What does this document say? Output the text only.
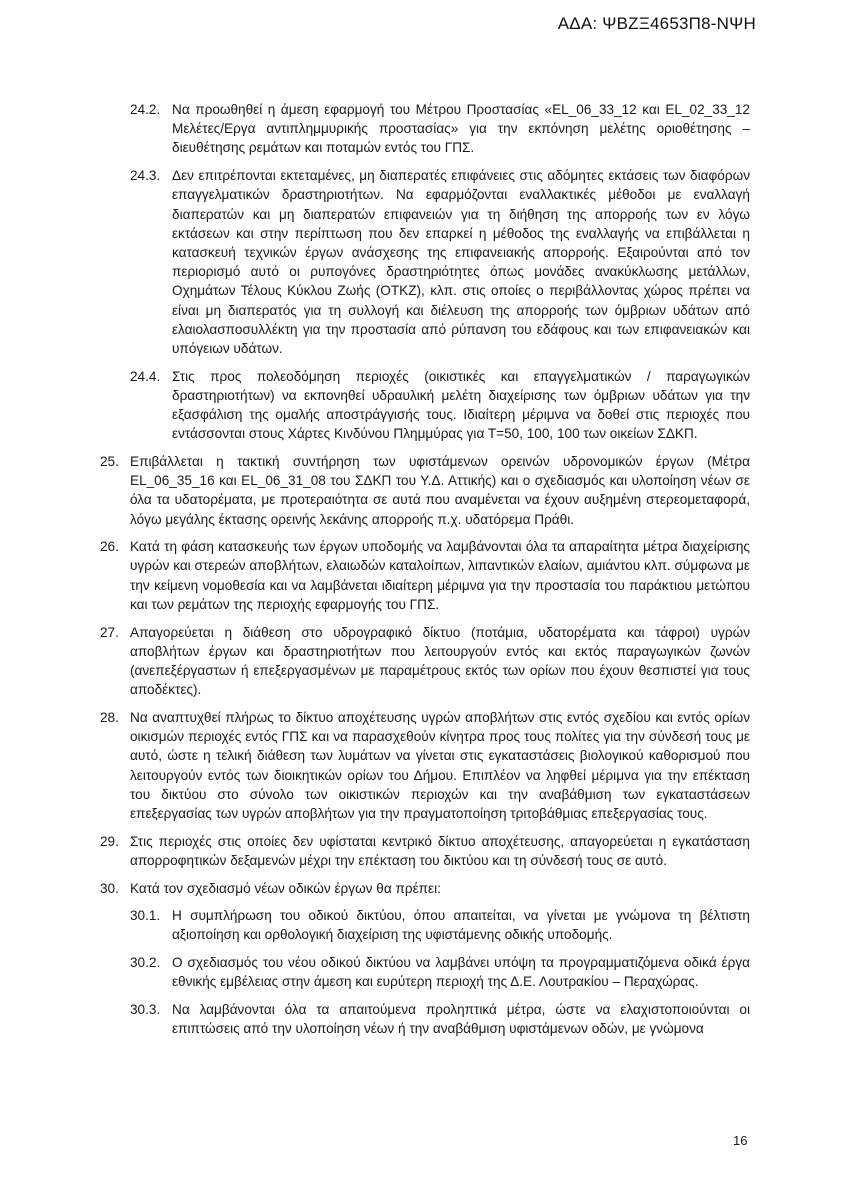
ΑΔΑ: ΨΒΖΞ4653Π8-ΝΨΗ
24.2. Να προωθηθεί η άμεση εφαρμογή του Μέτρου Προστασίας «EL_06_33_12 και EL_02_33_12 Μελέτες/Εργα αντιπλημμυρικής προστασίας» για την εκπόνηση μελέτης οριοθέτησης – διευθέτησης ρεμάτων και ποταμών εντός του ΓΠΣ.
24.3. Δεν επιτρέπονται εκτεταμένες, μη διαπερατές επιφάνειες στις αδόμητες εκτάσεις των διαφόρων επαγγελματικών δραστηριοτήτων. Να εφαρμόζονται εναλλακτικές μέθοδοι με εναλλαγή διαπερατών και μη διαπερατών επιφανειών για τη διήθηση της απορροής των εν λόγω εκτάσεων και στην περίπτωση που δεν επαρκεί η μέθοδος της εναλλαγής να επιβάλλεται η κατασκευή τεχνικών έργων ανάσχεσης της επιφανειακής απορροής. Εξαιρούνται από τον περιορισμό αυτό οι ρυπογόνες δραστηριότητες όπως μονάδες ανακύκλωσης μετάλλων, Οχημάτων Τέλους Κύκλου Ζωής (ΟΤΚΖ), κλπ. στις οποίες ο περιβάλλοντας χώρος πρέπει να είναι μη διαπερατός για τη συλλογή και διέλευση της απορροής των όμβριων υδάτων από ελαιολασποσυλλέκτη για την προστασία από ρύπανση του εδάφους και των επιφανειακών και υπόγειων υδάτων.
24.4. Στις προς πολεοδόμηση περιοχές (οικιστικές και επαγγελματικών / παραγωγικών δραστηριοτήτων) να εκπονηθεί υδραυλική μελέτη διαχείρισης των όμβριων υδάτων για την εξασφάλιση της ομαλής αποστράγγισής τους. Ιδιαίτερη μέριμνα να δοθεί στις περιοχές που εντάσσονται στους Χάρτες Κινδύνου Πλημμύρας για Τ=50, 100, 100 των οικείων ΣΔΚΠ.
25. Επιβάλλεται η τακτική συντήρηση των υφιστάμενων ορεινών υδρονομικών έργων (Μέτρα EL_06_35_16 και EL_06_31_08 του ΣΔΚΠ του Υ.Δ. Αττικής) και ο σχεδιασμός και υλοποίηση νέων σε όλα τα υδατορέματα, με προτεραιότητα σε αυτά που αναμένεται να έχουν αυξημένη στερεομεταφορά, λόγω μεγάλης έκτασης ορεινής λεκάνης απορροής π.χ. υδατόρεμα Πράθι.
26. Κατά τη φάση κατασκευής των έργων υποδομής να λαμβάνονται όλα τα απαραίτητα μέτρα διαχείρισης υγρών και στερεών αποβλήτων, ελαιωδών καταλοίπων, λιπαντικών ελαίων, αμιάντου κλπ. σύμφωνα με την κείμενη νομοθεσία και να λαμβάνεται ιδιαίτερη μέριμνα για την προστασία του παράκτιου μετώπου και των ρεμάτων της περιοχής εφαρμογής του ΓΠΣ.
27. Απαγορεύεται η διάθεση στο υδρογραφικό δίκτυο (ποτάμια, υδατορέματα και τάφροι) υγρών αποβλήτων έργων και δραστηριοτήτων που λειτουργούν εντός και εκτός παραγωγικών ζωνών (ανεπεξέργαστων ή επεξεργασμένων με παραμέτρους εκτός των ορίων που έχουν θεσπιστεί για τους αποδέκτες).
28. Να αναπτυχθεί πλήρως το δίκτυο αποχέτευσης υγρών αποβλήτων στις εντός σχεδίου και εντός ορίων οικισμών περιοχές εντός ΓΠΣ και να παρασχεθούν κίνητρα προς τους πολίτες για την σύνδεσή τους με αυτό, ώστε η τελική διάθεση των λυμάτων να γίνεται στις εγκαταστάσεις βιολογικού καθορισμού που λειτουργούν εντός των διοικητικών ορίων του Δήμου. Επιπλέον να ληφθεί μέριμνα για την επέκταση του δικτύου στο σύνολο των οικιστικών περιοχών και την αναβάθμιση των εγκαταστάσεων επεξεργασίας των υγρών αποβλήτων για την πραγματοποίηση τριτοβάθμιας επεξεργασίας τους.
29. Στις περιοχές στις οποίες δεν υφίσταται κεντρικό δίκτυο αποχέτευσης, απαγορεύεται η εγκατάσταση απορροφητικών δεξαμενών μέχρι την επέκταση του δικτύου και τη σύνδεσή τους σε αυτό.
30. Κατά τον σχεδιασμό νέων οδικών έργων θα πρέπει:
30.1. Η συμπλήρωση του οδικού δικτύου, όπου απαιτείται, να γίνεται με γνώμονα τη βέλτιστη αξιοποίηση και ορθολογική διαχείριση της υφιστάμενης οδικής υποδομής.
30.2. Ο σχεδιασμός του νέου οδικού δικτύου να λαμβάνει υπόψη τα προγραμματιζόμενα οδικά έργα εθνικής εμβέλειας στην άμεση και ευρύτερη περιοχή της Δ.Ε. Λουτρακίου – Περαχώρας.
30.3. Να λαμβάνονται όλα τα απαιτούμενα προληπτικά μέτρα, ώστε να ελαχιστοποιούνται οι επιπτώσεις από την υλοποίηση νέων ή την αναβάθμιση υφιστάμενων οδών, με γνώμονα
16
